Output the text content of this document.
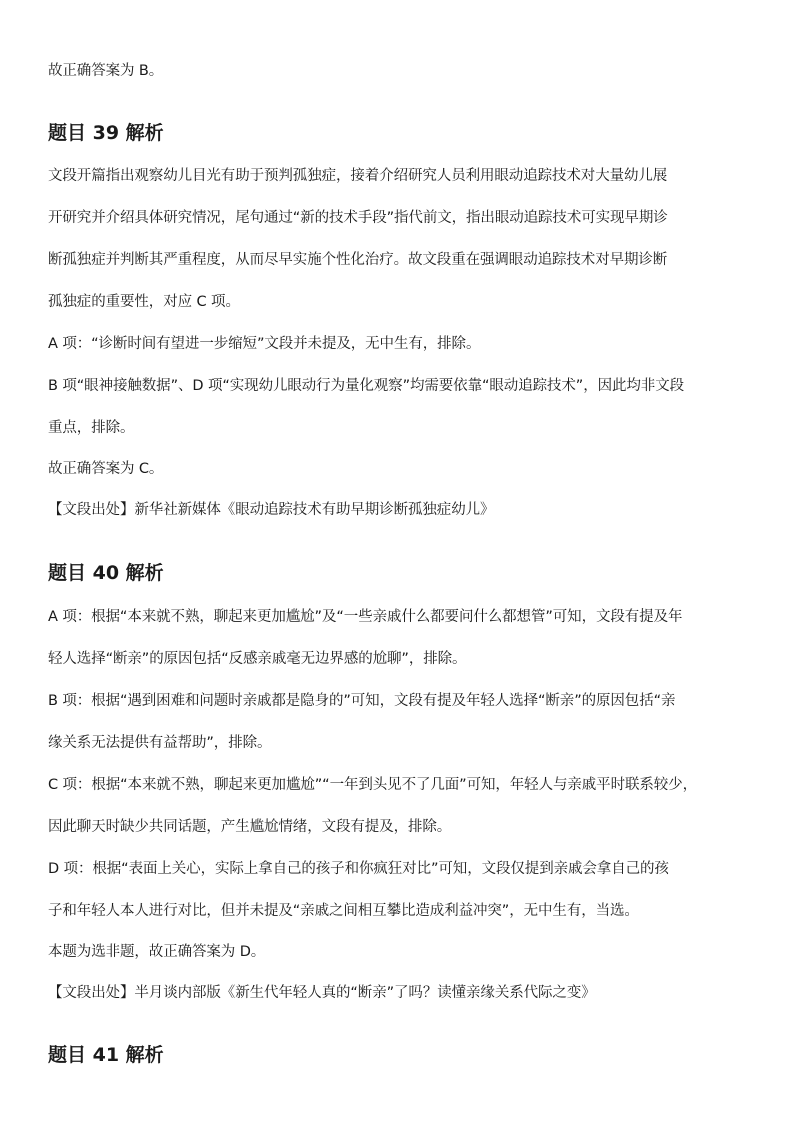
故正确答案为 B。
题目 39 解析
文段开篇指出观察幼儿目光有助于预判孤独症，接着介绍研究人员利用眼动追踪技术对大量幼儿展
开研究并介绍具体研究情况，尾句通过“新的技术手段”指代前文，指出眼动追踪技术可实现早期诊
断孤独症并判断其严重程度，从而尽早实施个性化治疗。故文段重在强调眼动追踪技术对早期诊断
孤独症的重要性，对应 C 项。
A 项：“诊断时间有望进一步缩短”文段并未提及，无中生有，排除。
B 项“眼神接触数据”、D 项“实现幼儿眼动行为量化观察”均需要依靠“眼动追踪技术”，因此均非文段
重点，排除。
故正确答案为 C。
【文段出处】新华社新媒体《眼动追踪技术有助早期诊断孤独症幼儿》
题目 40 解析
A 项：根据“本来就不熟，聊起来更加尴尬”及“一些亲戚什么都要问什么都想管”可知，文段有提及年
轻人选择“断亲”的原因包括“反感亲戚毫无边界感的尬聊”，排除。
B 项：根据“遇到困难和问题时亲戚都是隐身的”可知，文段有提及年轻人选择“断亲”的原因包括“亲
缘关系无法提供有益帮助”，排除。
C 项：根据“本来就不熟，聊起来更加尴尬”“一年到头见不了几面”可知，年轻人与亲戚平时联系较少，
因此聊天时缺少共同话题，产生尴尬情绪，文段有提及，排除。
D 项：根据“表面上关心，实际上拿自己的孩子和你疯狂对比”可知，文段仅提到亲戚会拿自己的孩
子和年轻人本人进行对比，但并未提及“亲戚之间相互攀比造成利益冲突”，无中生有，当选。
本题为选非题，故正确答案为 D。
【文段出处】半月谈内部版《新生代年轻人真的“断亲”了吗？读懂亲缘关系代际之变》
题目 41 解析
